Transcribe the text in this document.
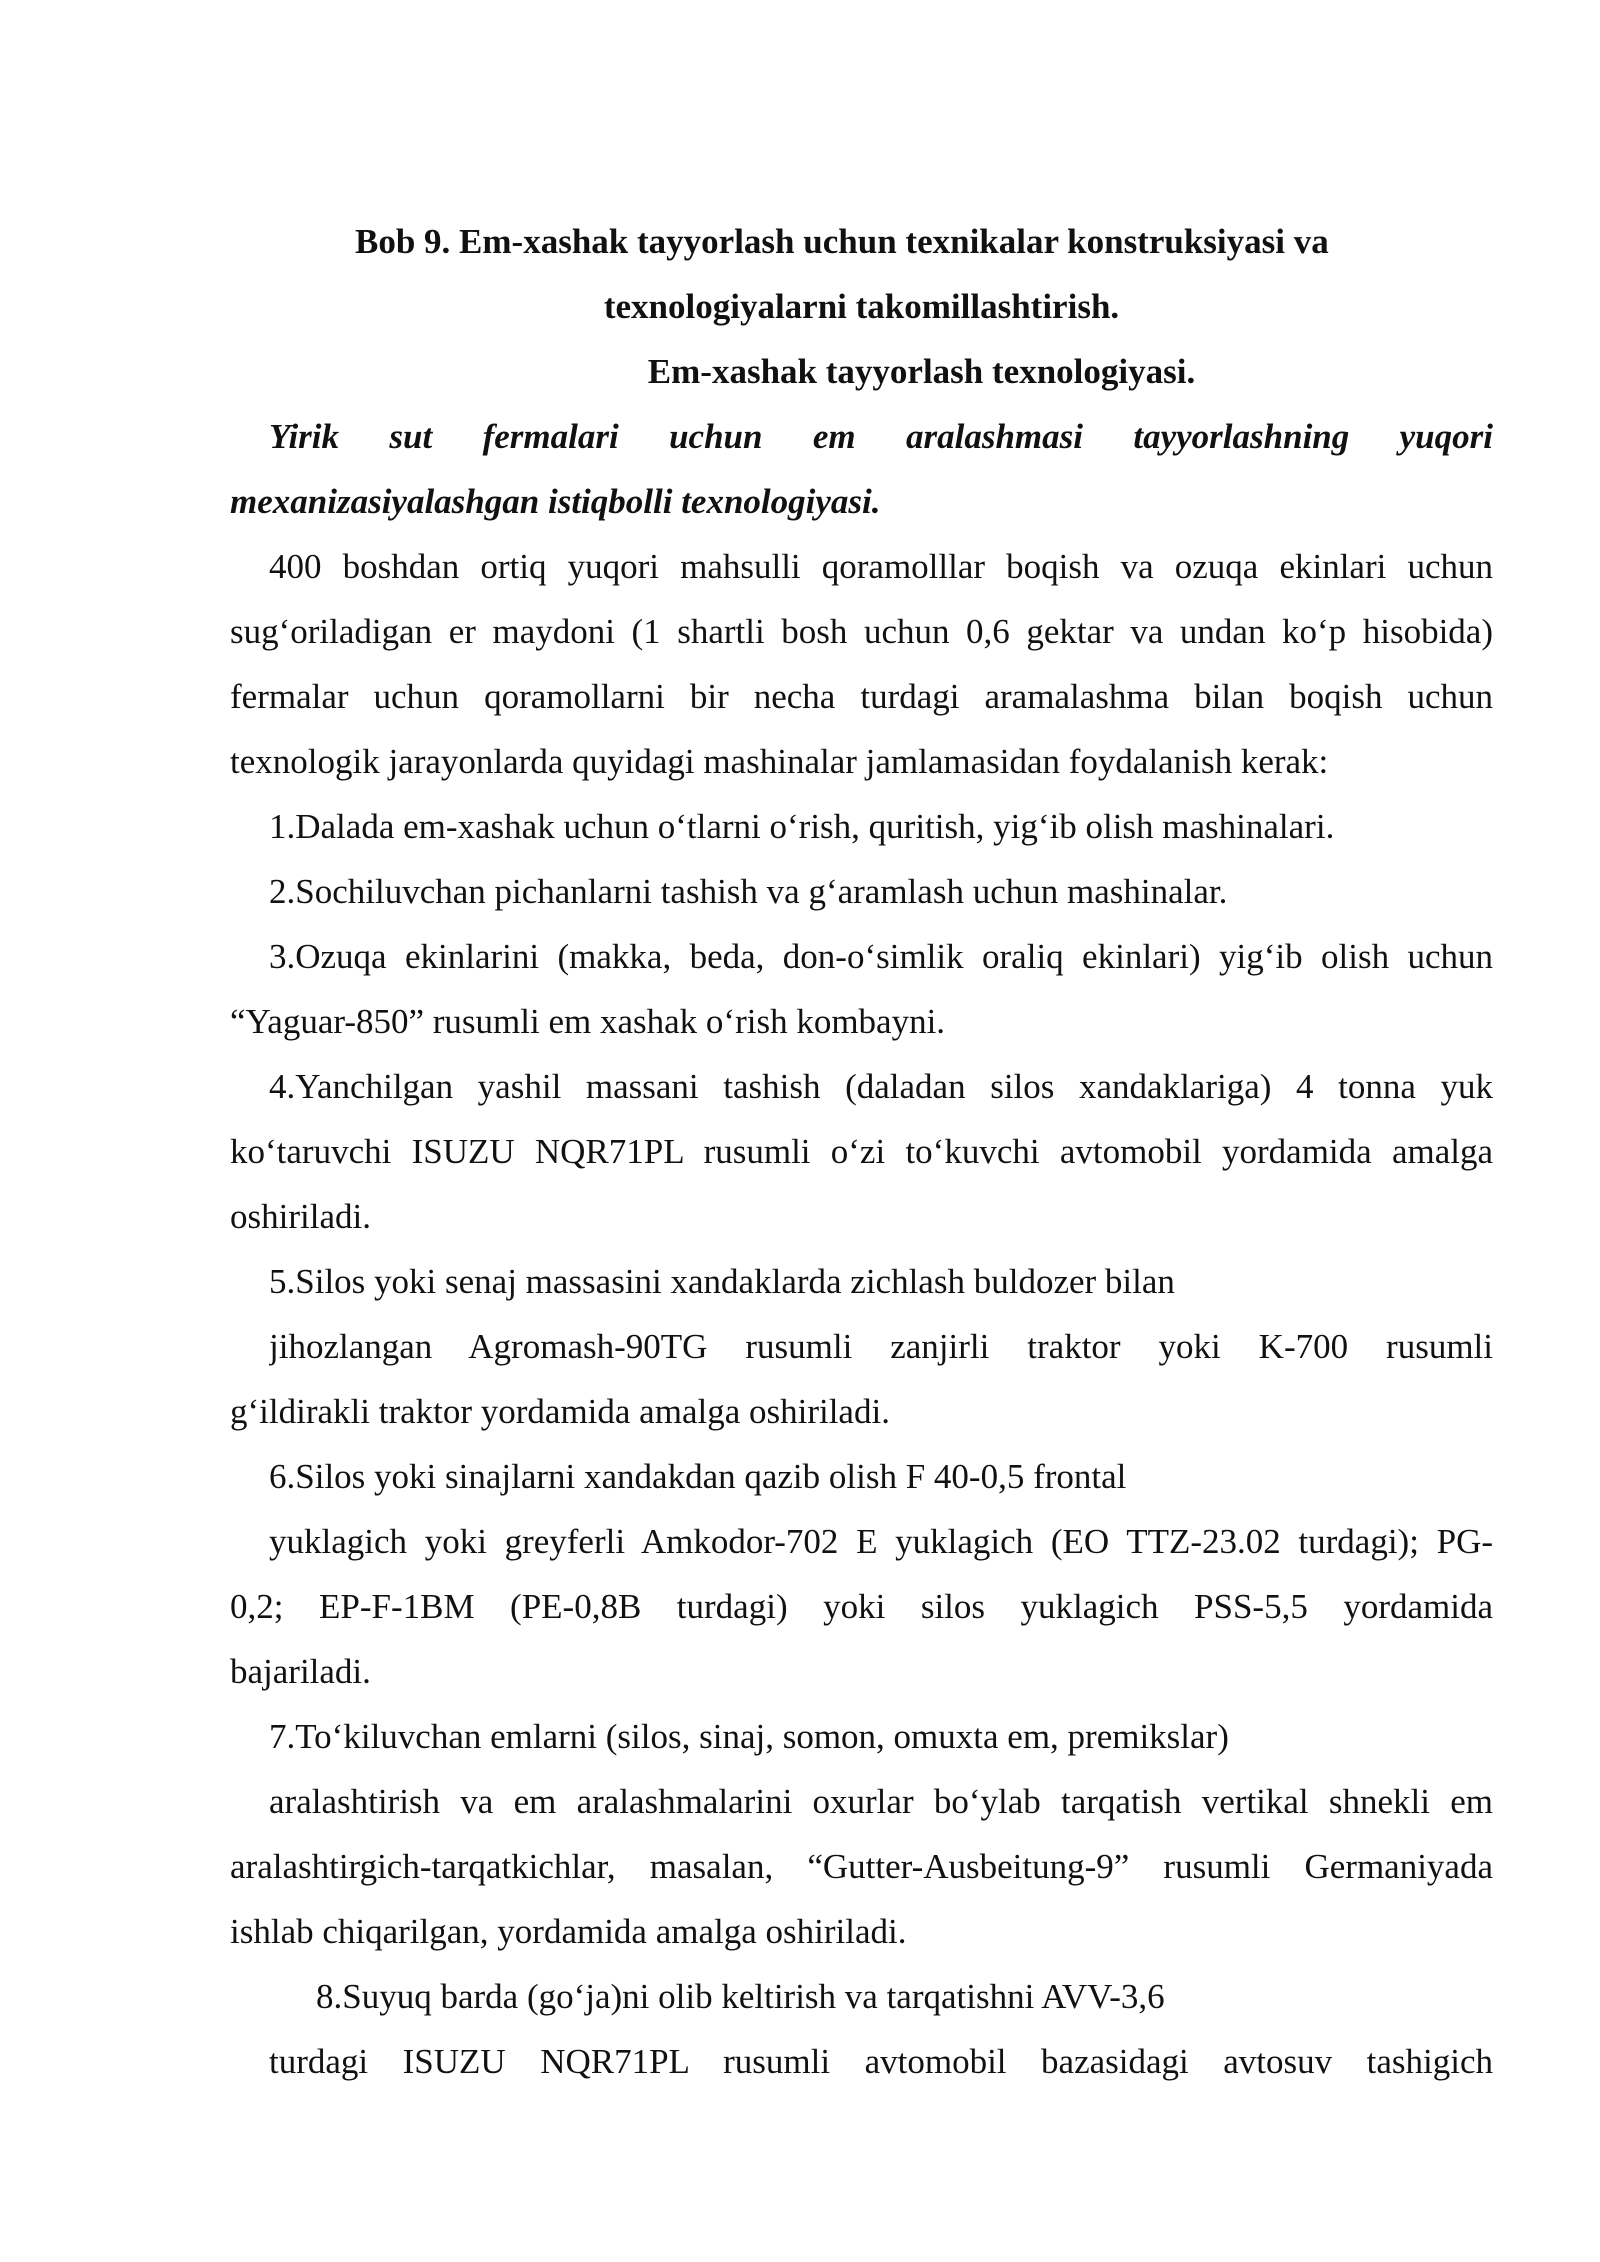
Bob 9. Em-xashak tayyorlash uchun texnikalar konstruksiyasi va
texnologiyalarni takomillashtirish.
Em-xashak tayyorlash texnologiyasi.
Yirik sut fermalari uchun em aralashmasi tayyorlashning yuqori
mexanizasiyalashgan istiqbolli texnologiyasi.
400 boshdan ortiq yuqori mahsulli qoramolllar boqish va ozuqa ekinlari uchun
sug‘oriladigan er maydoni (1 shartli bosh uchun 0,6 gektar va undan ko‘p hisobida)
fermalar uchun qoramollarni bir necha turdagi aramalashma bilan boqish uchun
texnologik jarayonlarda quyidagi mashinalar jamlamasidan foydalanish kerak:
1.Dalada em-xashak uchun o‘tlarni o‘rish, quritish, yig‘ib olish mashinalari.
2.Sochiluvchan pichanlarni tashish va g‘aramlash uchun mashinalar.
3.Ozuqa ekinlarini (makka, beda, don-o‘simlik oraliq ekinlari) yig‘ib olish uchun
“Yaguar-850” rusumli em xashak o‘rish kombayni.
4.Yanchilgan yashil massani tashish (daladan silos xandaklariga) 4 tonna yuk
ko‘taruvchi ISUZU NQR71PL rusumli o‘zi to‘kuvchi avtomobil yordamida amalga
oshiriladi.
5.Silos yoki senaj massasini xandaklarda zichlash buldozer bilan
jihozlangan Agromash-90TG rusumli zanjirli traktor yoki K-700 rusumli
g‘ildirakli traktor yordamida amalga oshiriladi.
6.Silos yoki sinajlarni xandakdan qazib olish F 40-0,5 frontal
yuklagich yoki greyferli Amkodor-702 E yuklagich (EO TTZ-23.02 turdagi); PG-
0,2; EP-F-1BM (PE-0,8B turdagi) yoki silos yuklagich PSS-5,5 yordamida
bajariladi.
7.To‘kiluvchan emlarni (silos, sinaj, somon, omuxta em, premikslar)
aralashtirish va em aralashmalarini oxurlar bo‘ylab tarqatish vertikal shnekli em
aralashtirgich-tarqatkichlar, masalan, “Gutter-Ausbeitung-9” rusumli Germaniyada
ishlab chiqarilgan, yordamida amalga oshiriladi.
8.Suyuq barda (go‘ja)ni olib keltirish va tarqatishni AVV-3,6
turdagi ISUZU NQR71PL rusumli avtomobil bazasidagi avtosuv tashigich
